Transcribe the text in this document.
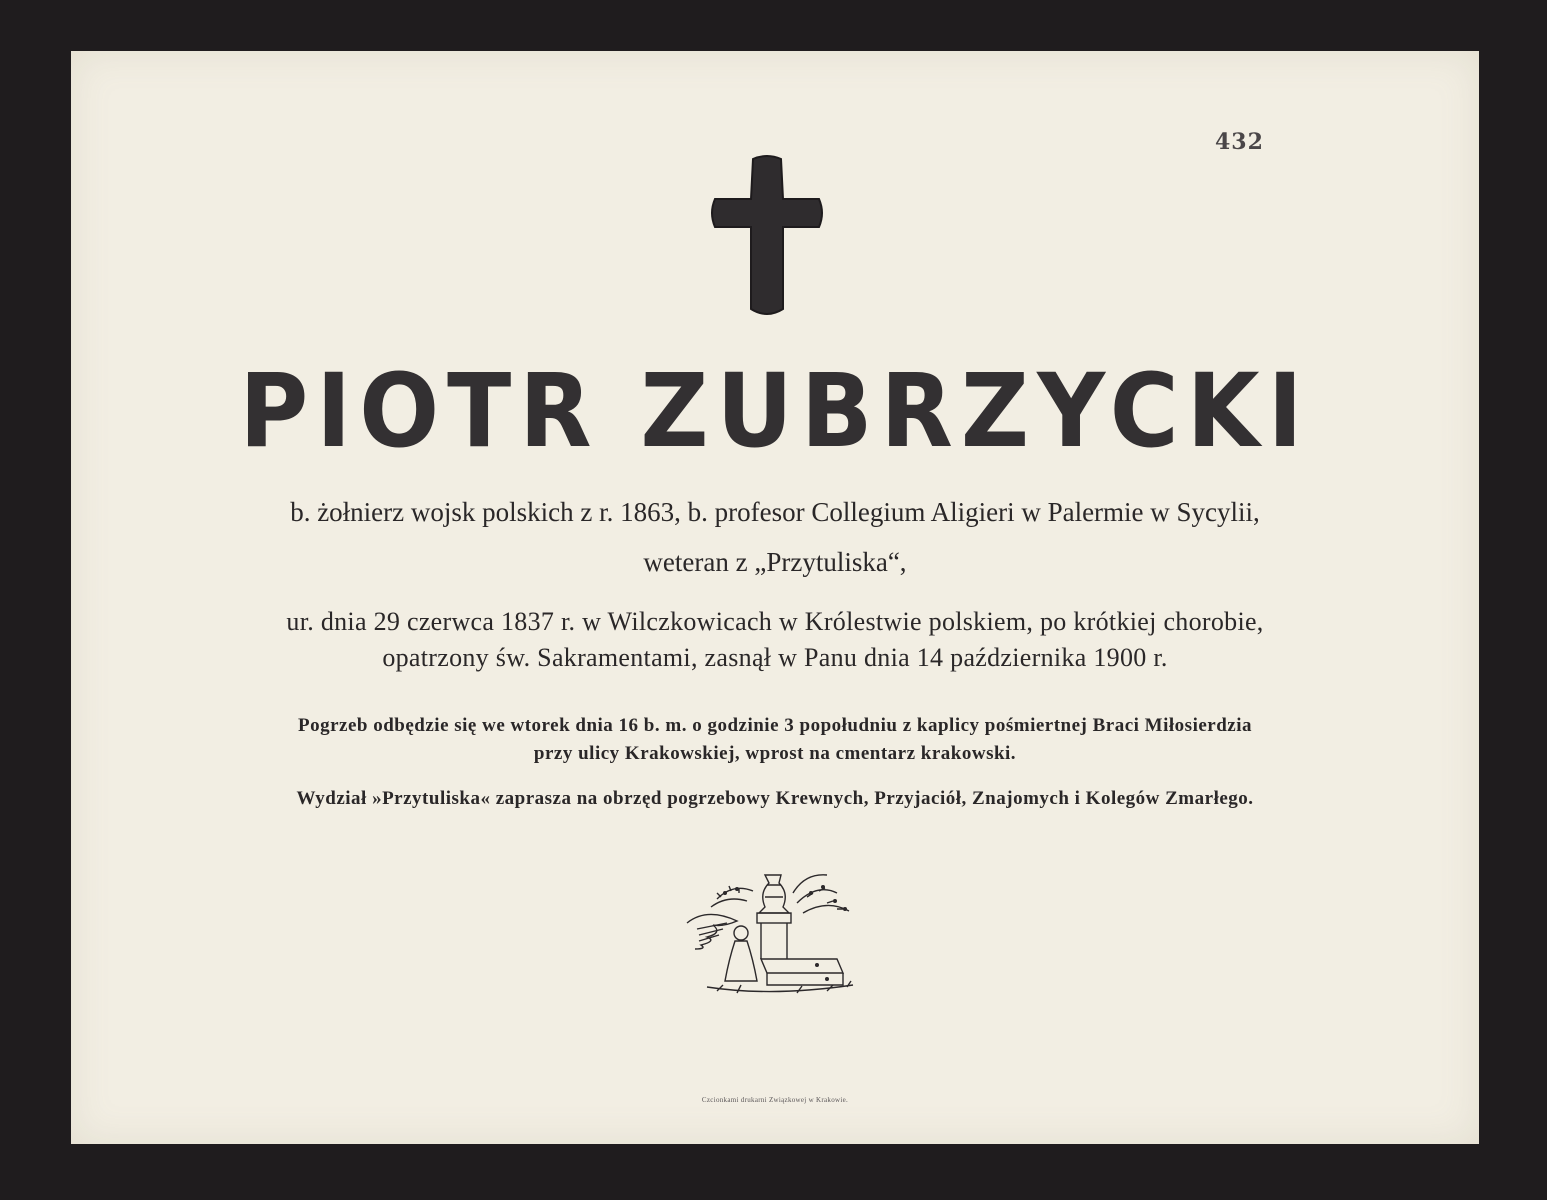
432
PIOTR ZUBRZYCKI
b. żołnierz wojsk polskich z r. 1863, b. profesor Collegium Aligieri w Palermie w Sycylii,
weteran z „Przytuliska“,
ur. dnia 29 czerwca 1837 r. w Wilczkowicach w Królestwie polskiem, po krótkiej chorobie,
opatrzony św. Sakramentami, zasnął w Panu dnia 14 października 1900 r.
Pogrzeb odbędzie się we wtorek dnia 16 b. m. o godzinie 3 popołudniu z kaplicy pośmiertnej Braci Miłosierdzia
przy ulicy Krakowskiej, wprost na cmentarz krakowski.
Wydział »Przytuliska« zaprasza na obrzęd pogrzebowy Krewnych, Przyjaciół, Znajomych i Kolegów Zmarłego.
Czcionkami drukarni Związkowej w Krakowie.
